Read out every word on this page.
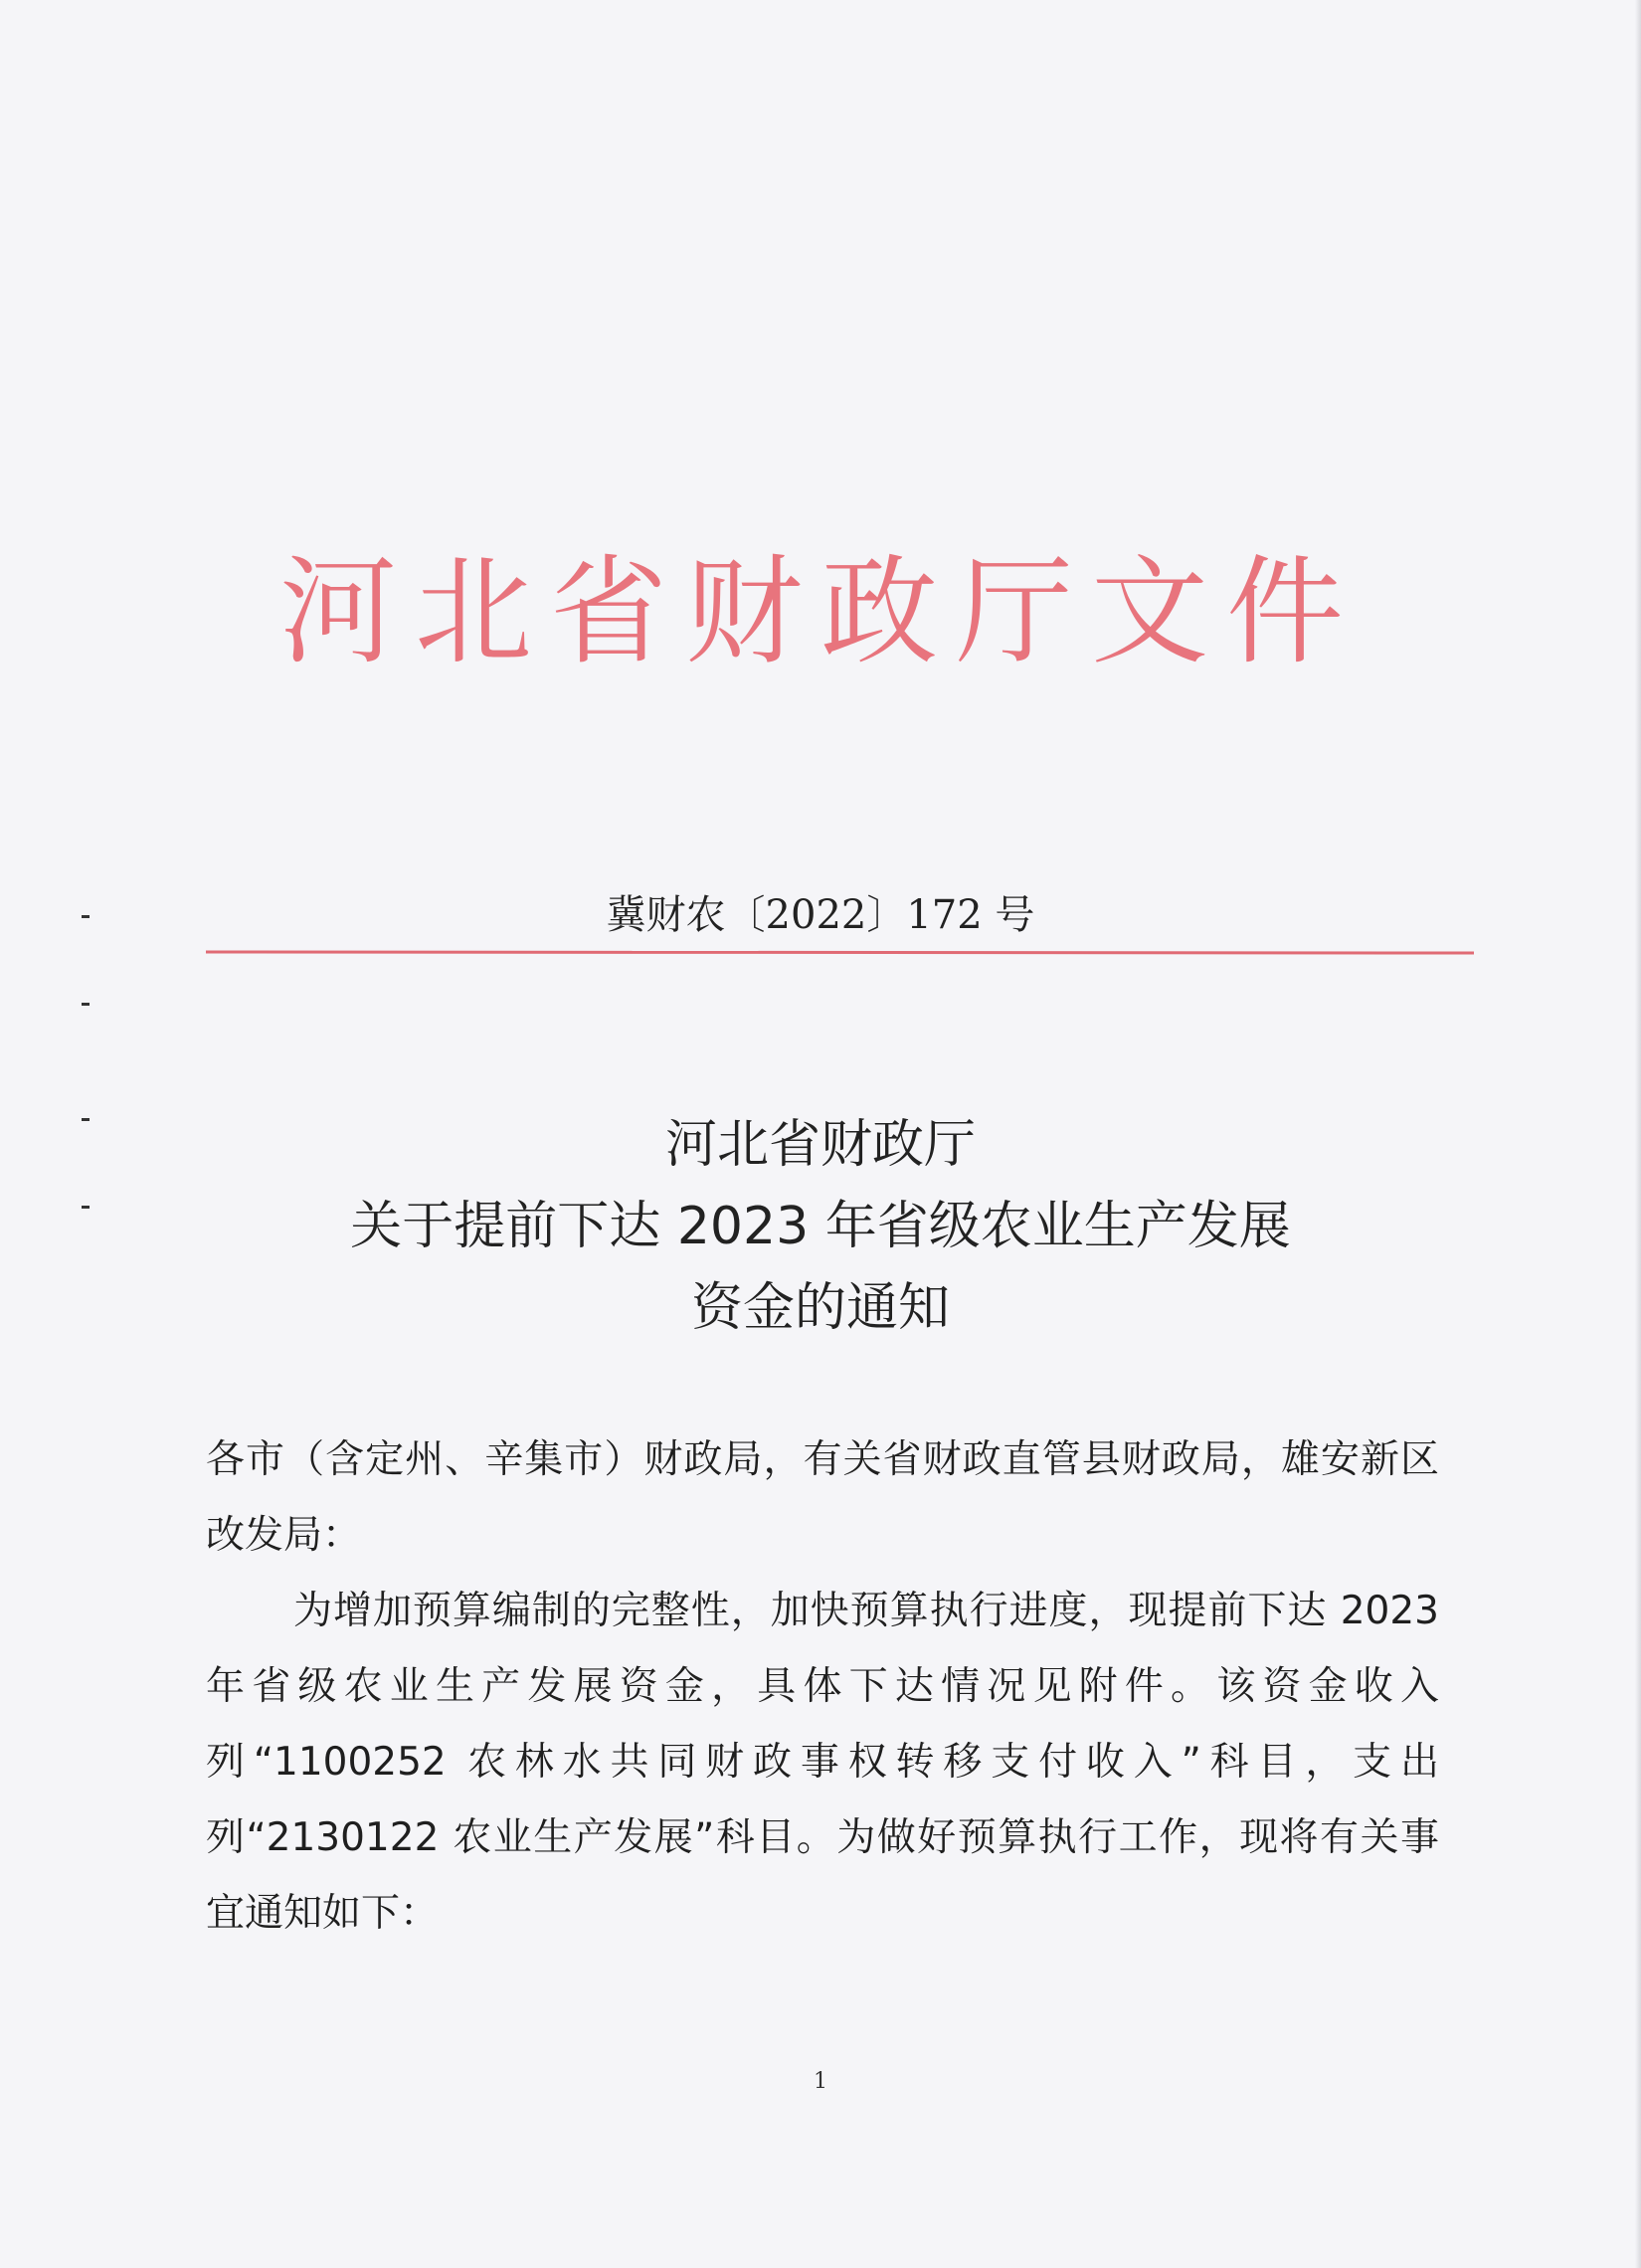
河北省财政厅文件
冀财农〔2022〕172 号
河北省财政厅
关于提前下达 2023 年省级农业生产发展
资金的通知

各市（含定州、辛集市）财政局，有关省财政直管县财政局，雄安新区改发局：

为增加预算编制的完整性，加快预算执行进度，现提前下达 2023 年省级农业生产发展资金，具体下达情况见附件。该资金收入列“1100252 农林水共同财政事权转移支付收入”科目，支出列“2130122 农业生产发展”科目。为做好预算执行工作，现将有关事宜通知如下：

1
